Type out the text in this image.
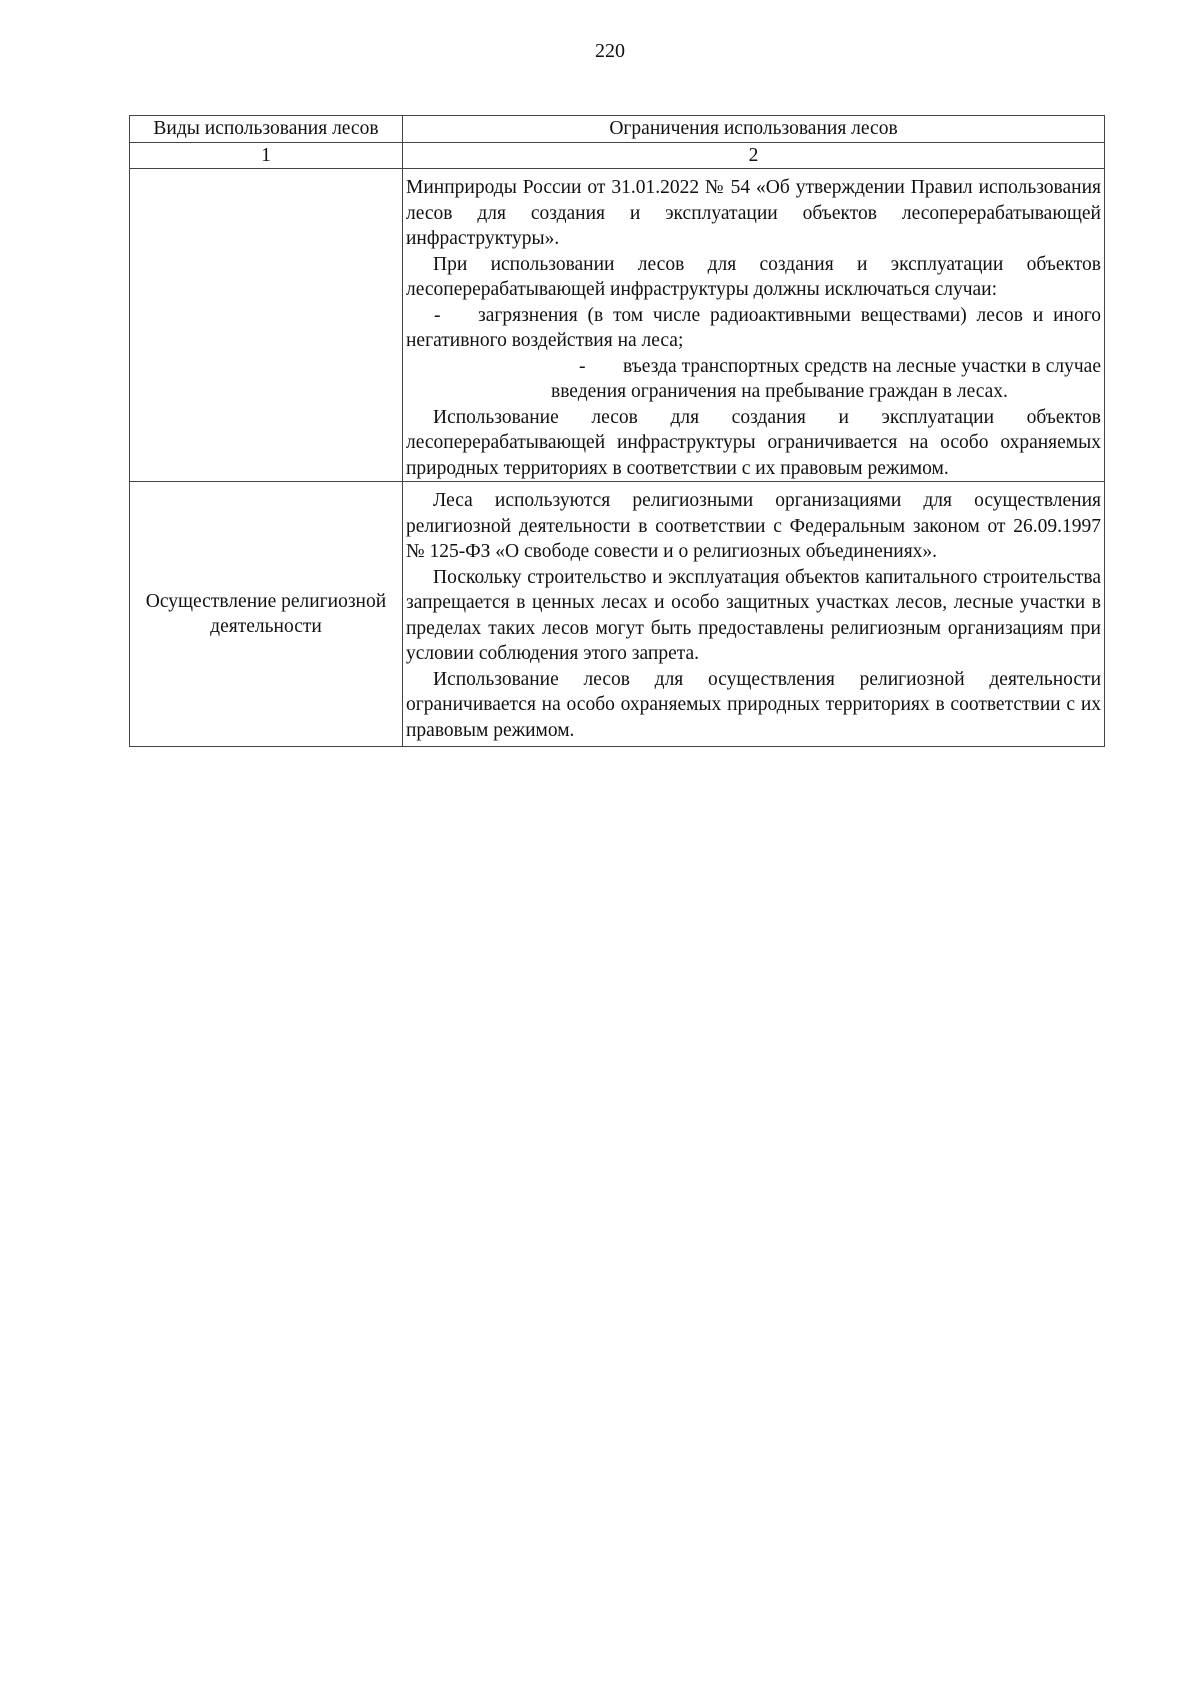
220
Виды использования лесов	Ограничения использования лесов
1	2

	Минприроды России от 31.01.2022 № 54 «Об утверждении Правил использования лесов для создания и эксплуатации объектов лесоперерабатывающей инфраструктуры».

При использовании лесов для создания и эксплуатации объектов лесоперерабатывающей инфраструктуры должны исключаться случаи:

- загрязнения (в том числе радиоактивными веществами) лесов и иного негативного воздействия на леса;

- въезда транспортных средств на лесные участки в случае введения ограничения на пребывание граждан в лесах.

Использование лесов для создания и эксплуатации объектов лесоперерабатывающей инфраструктуры ограничивается на особо охраняемых природных территориях в соответствии с их правовым режимом.

Осуществление религиозной деятельности	Леса используются религиозными организациями для осуществления религиозной деятельности в соответствии с Федеральным законом от 26.09.1997 № 125-ФЗ «О свободе совести и о религиозных объединениях».

Поскольку строительство и эксплуатация объектов капитального строительства запрещается в ценных лесах и особо защитных участках лесов, лесные участки в пределах таких лесов могут быть предоставлены религиозным организациям при условии соблюдения этого запрета.

Использование лесов для осуществления религиозной деятельности ограничивается на особо охраняемых природных территориях в соответствии с их правовым режимом.
